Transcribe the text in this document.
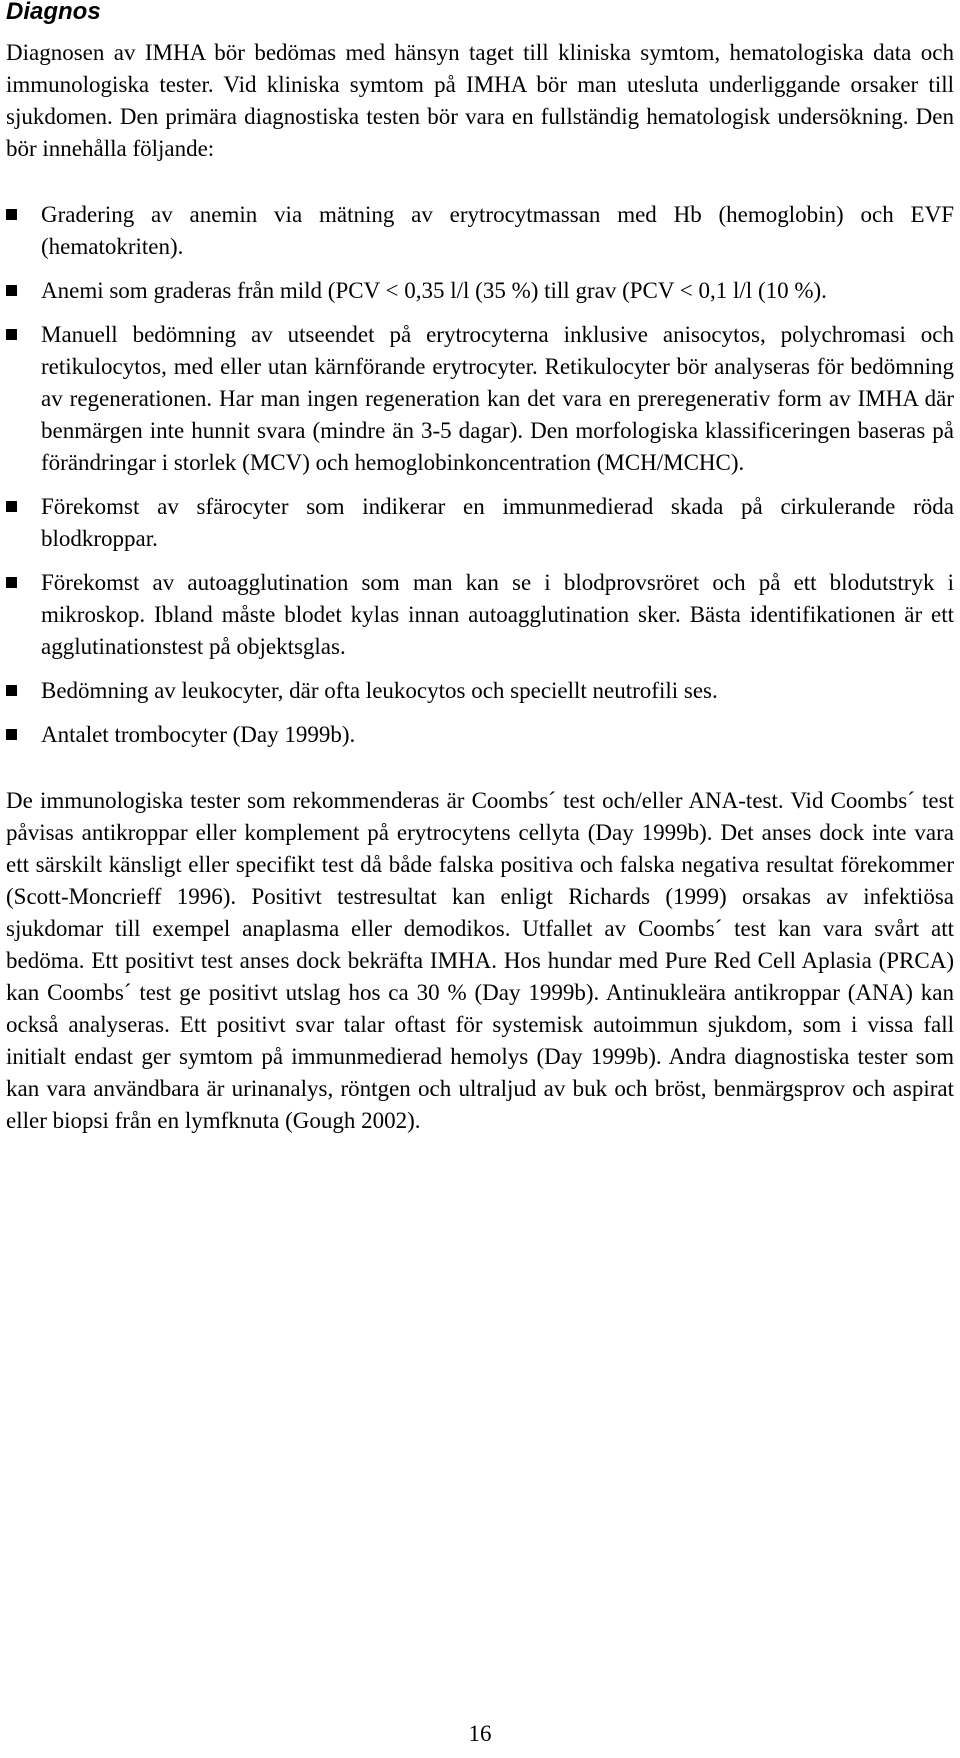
Diagnos

Diagnosen av IMHA bör bedömas med hänsyn taget till kliniska symtom, hematologiska data och immunologiska tester. Vid kliniska symtom på IMHA bör man utesluta underliggande orsaker till sjukdomen. Den primära diagnostiska testen bör vara en fullständig hematologisk undersökning. Den bör innehålla följande:

Gradering av anemin via mätning av erytrocytmassan med Hb (hemoglobin) och EVF (hematokriten).
Anemi som graderas från mild (PCV < 0,35 l/l (35 %) till grav (PCV < 0,1 l/l (10 %).
Manuell bedömning av utseendet på erytrocyterna inklusive anisocytos, polychromasi och retikulocytos, med eller utan kärnförande erytrocyter. Retikulocyter bör analyseras för bedömning av regenerationen. Har man ingen regeneration kan det vara en preregenerativ form av IMHA där benmärgen inte hunnit svara (mindre än 3-5 dagar). Den morfologiska klassificeringen baseras på förändringar i storlek (MCV) och hemoglobinkoncentration (MCH/MCHC).
Förekomst av sfärocyter som indikerar en immunmedierad skada på cirkulerande röda blodkroppar.
Förekomst av autoagglutination som man kan se i blodprovsröret och på ett blodutstryk i mikroskop. Ibland måste blodet kylas innan autoagglutination sker. Bästa identifikationen är ett agglutinationstest på objektsglas.
Bedömning av leukocyter, där ofta leukocytos och speciellt neutrofili ses.
Antalet trombocyter (Day 1999b).

De immunologiska tester som rekommenderas är Coombs´ test och/eller ANA-test. Vid Coombs´ test påvisas antikroppar eller komplement på erytrocytens cellyta (Day 1999b). Det anses dock inte vara ett särskilt känsligt eller specifikt test då både falska positiva och falska negativa resultat förekommer (Scott-Moncrieff 1996). Positivt testresultat kan enligt Richards (1999) orsakas av infektiösa sjukdomar till exempel anaplasma eller demodikos. Utfallet av Coombs´ test kan vara svårt att bedöma. Ett positivt test anses dock bekräfta IMHA. Hos hundar med Pure Red Cell Aplasia (PRCA) kan Coombs´ test ge positivt utslag hos ca 30 % (Day 1999b). Antinukleära antikroppar (ANA) kan också analyseras. Ett positivt svar talar oftast för systemisk autoimmun sjukdom, som i vissa fall initialt endast ger symtom på immunmedierad hemolys (Day 1999b). Andra diagnostiska tester som kan vara användbara är urinanalys, röntgen och ultraljud av buk och bröst, benmärgsprov och aspirat eller biopsi från en lymfknuta (Gough 2002).

16
